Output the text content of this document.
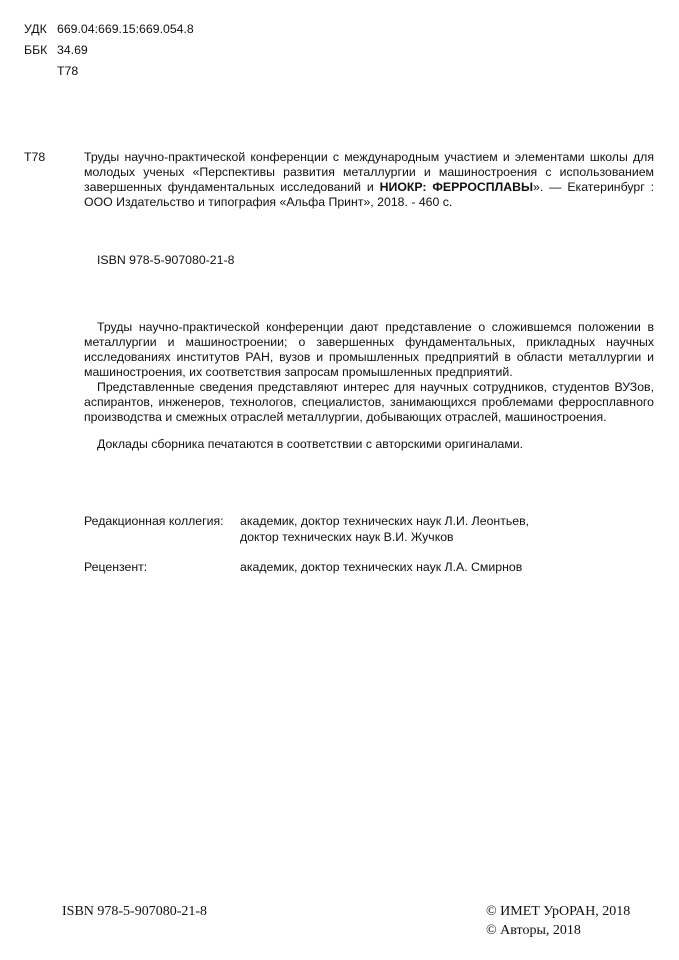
УДК 669.04:669.15:669.054.8
ББК 34.69
Т78
Т78	Труды научно-практической конференции с международным участием и элементами школы для молодых ученых «Перспективы развития металлургии и машиностроения с использованием завершенных фундаментальных исследований и НИОКР: ФЕРРОСПЛАВЫ». — Екатеринбург : ООО Издательство и типография «Альфа Принт», 2018. - 460 с.
ISBN 978-5-907080-21-8

Труды научно-практической конференции дают представление о сложившемся положении в металлургии и машиностроении; о завершенных фундаментальных, прикладных научных исследованиях институтов РАН, вузов и промышленных предприятий в области металлургии и машиностроения, их соответствия запросам промышленных предприятий.

Представленные сведения представляют интерес для научных сотрудников, студентов ВУЗов, аспирантов, инженеров, технологов, специалистов, занимающихся проблемами ферросплавного производства и смежных отраслей металлургии, добывающих отраслей, машиностроения.

Доклады сборника печатаются в соответствии с авторскими оригиналами.
Редакционная коллегия: академик, доктор технических наук Л.И. Леонтьев,
доктор технических наук В.И. Жучков
Рецензент:	академик, доктор технических наук Л.А. Смирнов
ISBN 978-5-907080-21-8	© ИМЕТ УрОРАН, 2018
© Авторы, 2018
